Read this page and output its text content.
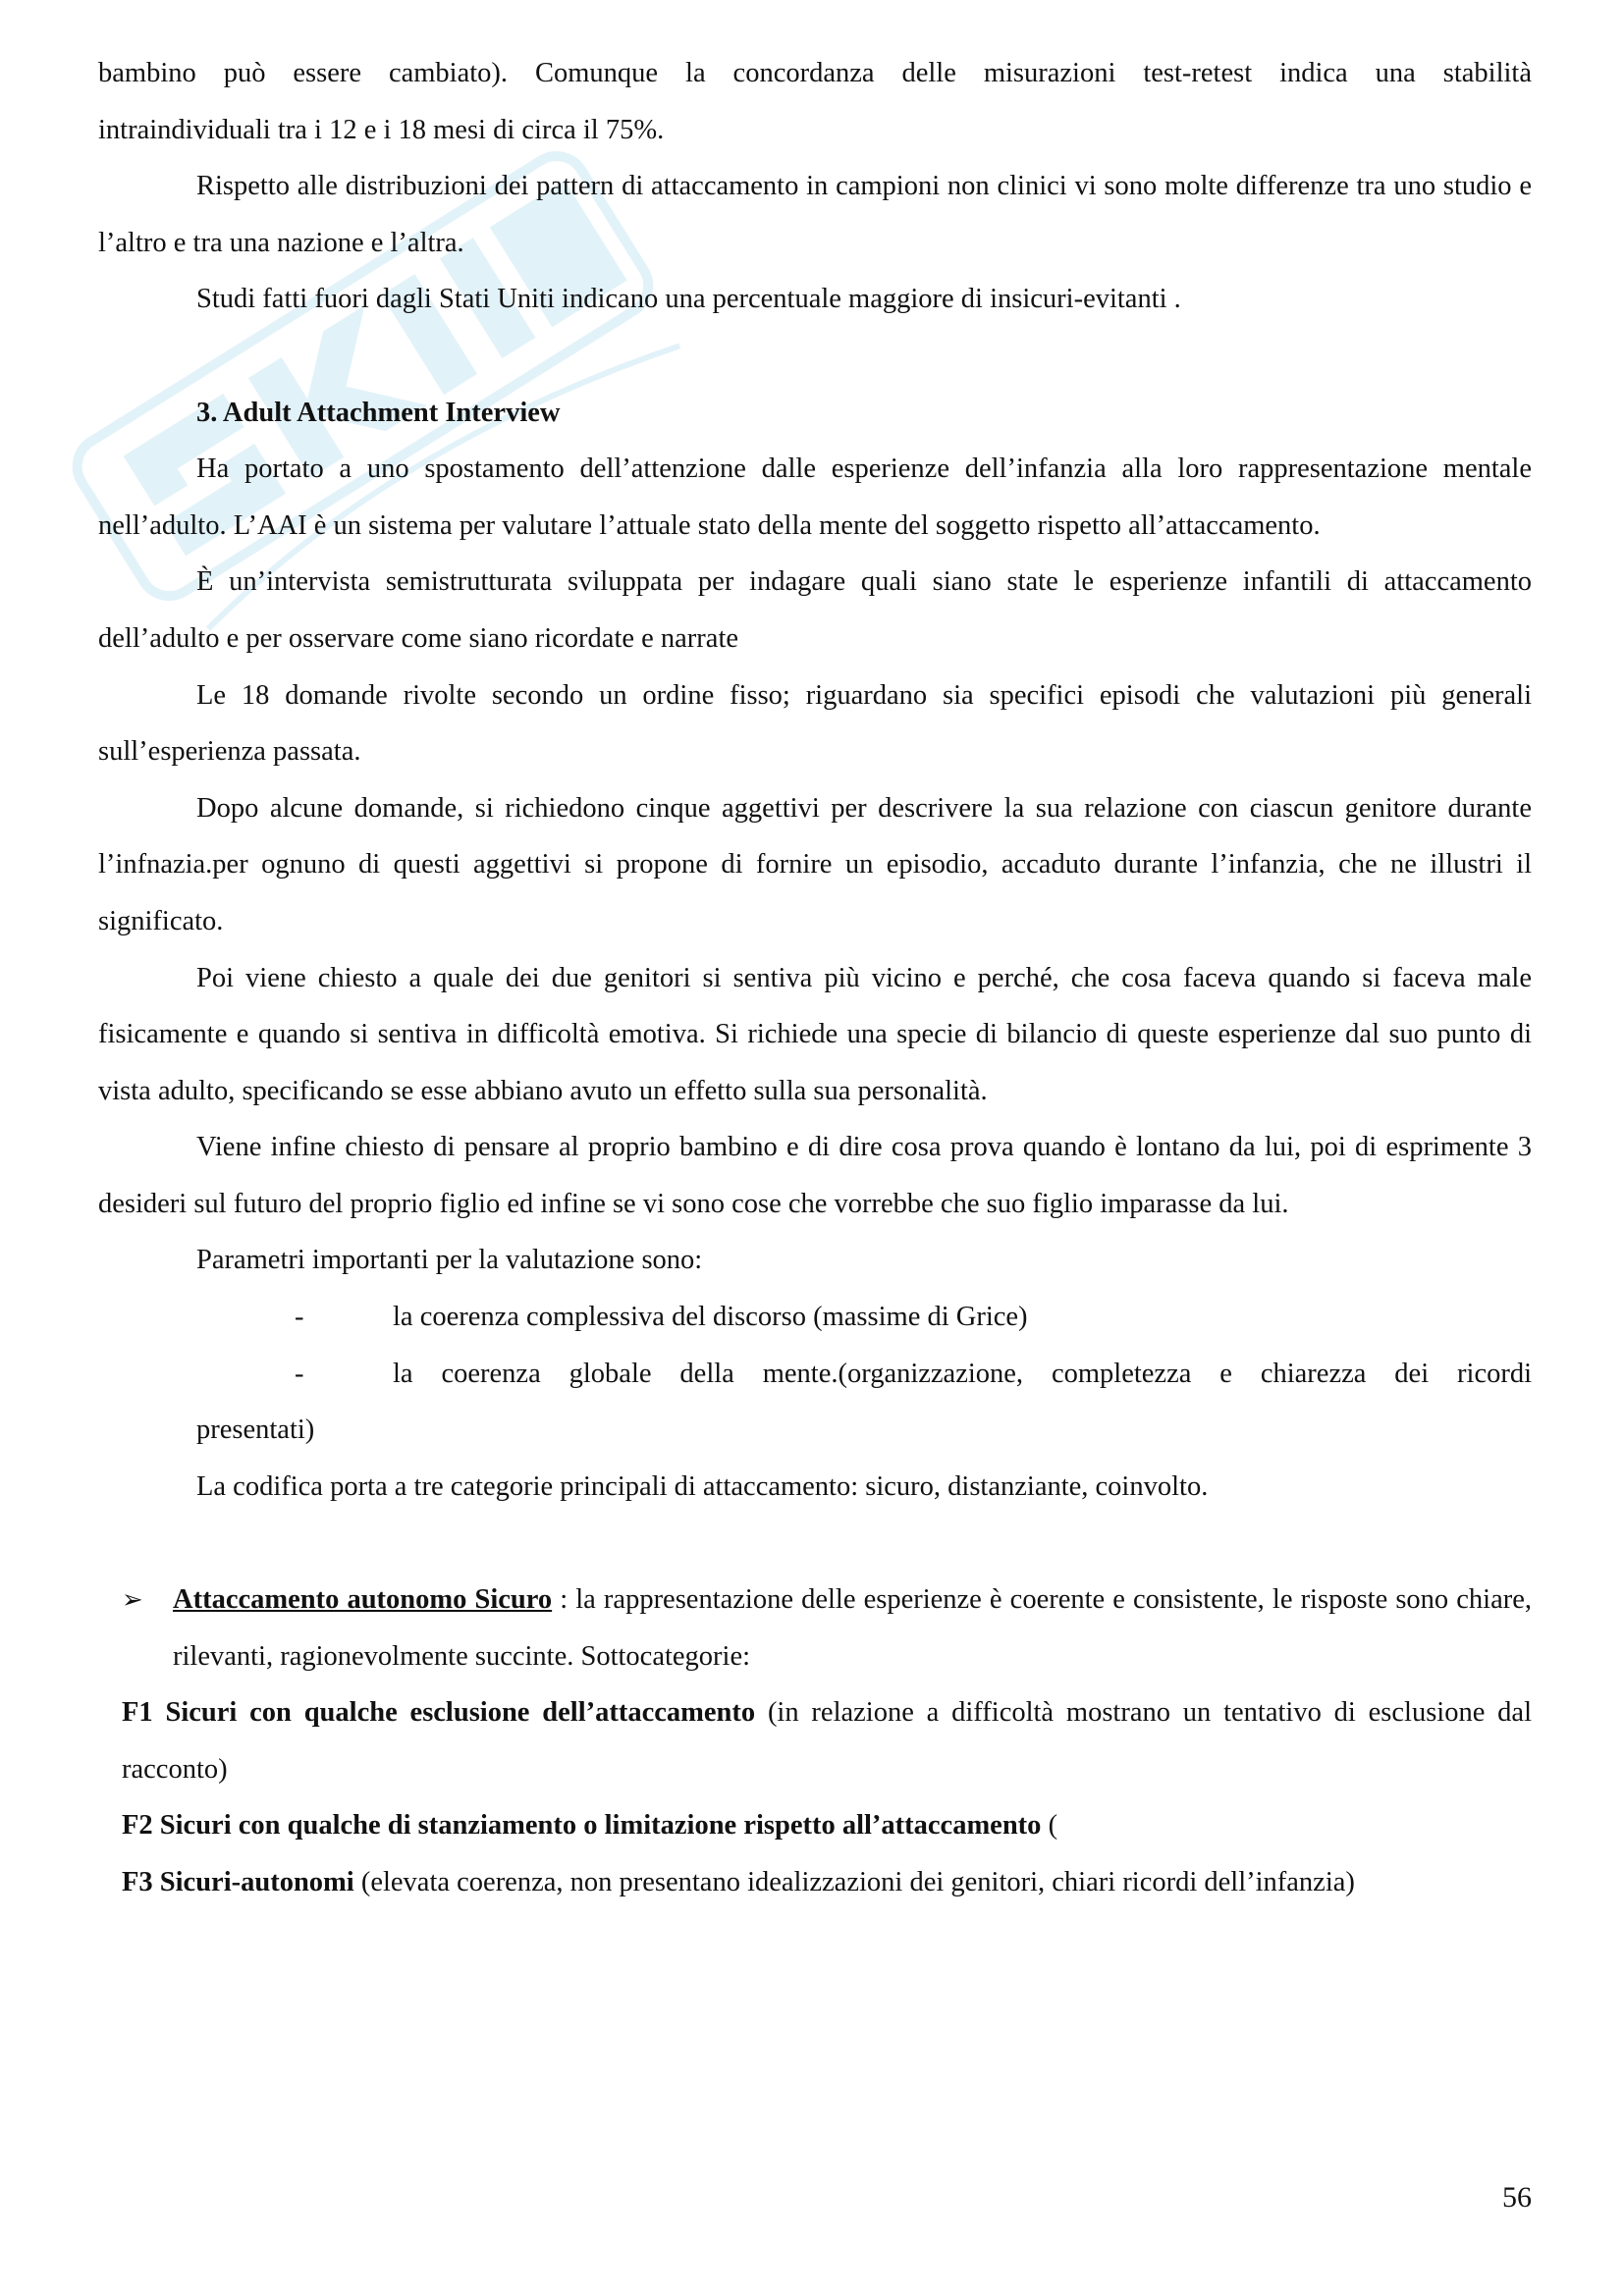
bambino può essere cambiato). Comunque la concordanza delle misurazioni test-retest indica una stabilità
intraindividuali tra i 12 e i 18 mesi di circa il 75%.

Rispetto alle distribuzioni dei pattern di attaccamento in campioni non clinici vi sono molte differenze tra uno studio e l’altro e tra una nazione e l’altra.

Studi fatti fuori dagli Stati Uniti indicano una percentuale maggiore di insicuri-evitanti .

3. Adult Attachment Interview

Ha portato a uno spostamento dell’attenzione dalle esperienze dell’infanzia alla loro rappresentazione mentale nell’adulto. L’AAI è un sistema per valutare l’attuale stato della mente del soggetto rispetto all’attaccamento.

È un’intervista semistrutturata sviluppata per indagare quali siano state le esperienze infantili di attaccamento dell’adulto e per osservare come siano ricordate e narrate

Le 18 domande rivolte secondo un ordine fisso; riguardano sia specifici episodi che valutazioni più generali sull’esperienza passata.

Dopo alcune domande, si richiedono cinque aggettivi per descrivere la sua relazione con ciascun genitore durante l’infnazia.per ognuno di questi aggettivi si propone di fornire un episodio, accaduto durante l’infanzia, che ne illustri il significato.

Poi viene chiesto a quale dei due genitori si sentiva più vicino e perché, che cosa faceva quando si faceva male fisicamente e quando si sentiva in difficoltà emotiva. Si richiede una specie di bilancio di queste esperienze dal suo punto di vista adulto, specificando se esse abbiano avuto un effetto sulla sua personalità.

Viene infine chiesto di pensare al proprio bambino e di dire cosa prova quando è lontano da lui, poi di esprimente 3 desideri sul futuro del proprio figlio ed infine se vi sono cose che vorrebbe che suo figlio imparasse da lui.

Parametri importanti per la valutazione sono:

-	la coerenza complessiva del discorso (massime di Grice)
-	la coerenza globale della mente.(organizzazione, completezza e chiarezza dei ricordi

presentati)

La codifica porta a tre categorie principali di attaccamento: sicuro, distanziante, coinvolto.

➢	Attaccamento autonomo Sicuro : la rappresentazione delle esperienze è coerente e consistente, le risposte sono chiare, rilevanti, ragionevolmente succinte. Sottocategorie:

F1 Sicuri con qualche esclusione dell’attaccamento (in relazione a difficoltà mostrano un tentativo di esclusione dal racconto)

F2 Sicuri con qualche di stanziamento o limitazione rispetto all’attaccamento (

F3 Sicuri-autonomi (elevata coerenza, non presentano idealizzazioni dei genitori, chiari ricordi dell’infanzia)

56
